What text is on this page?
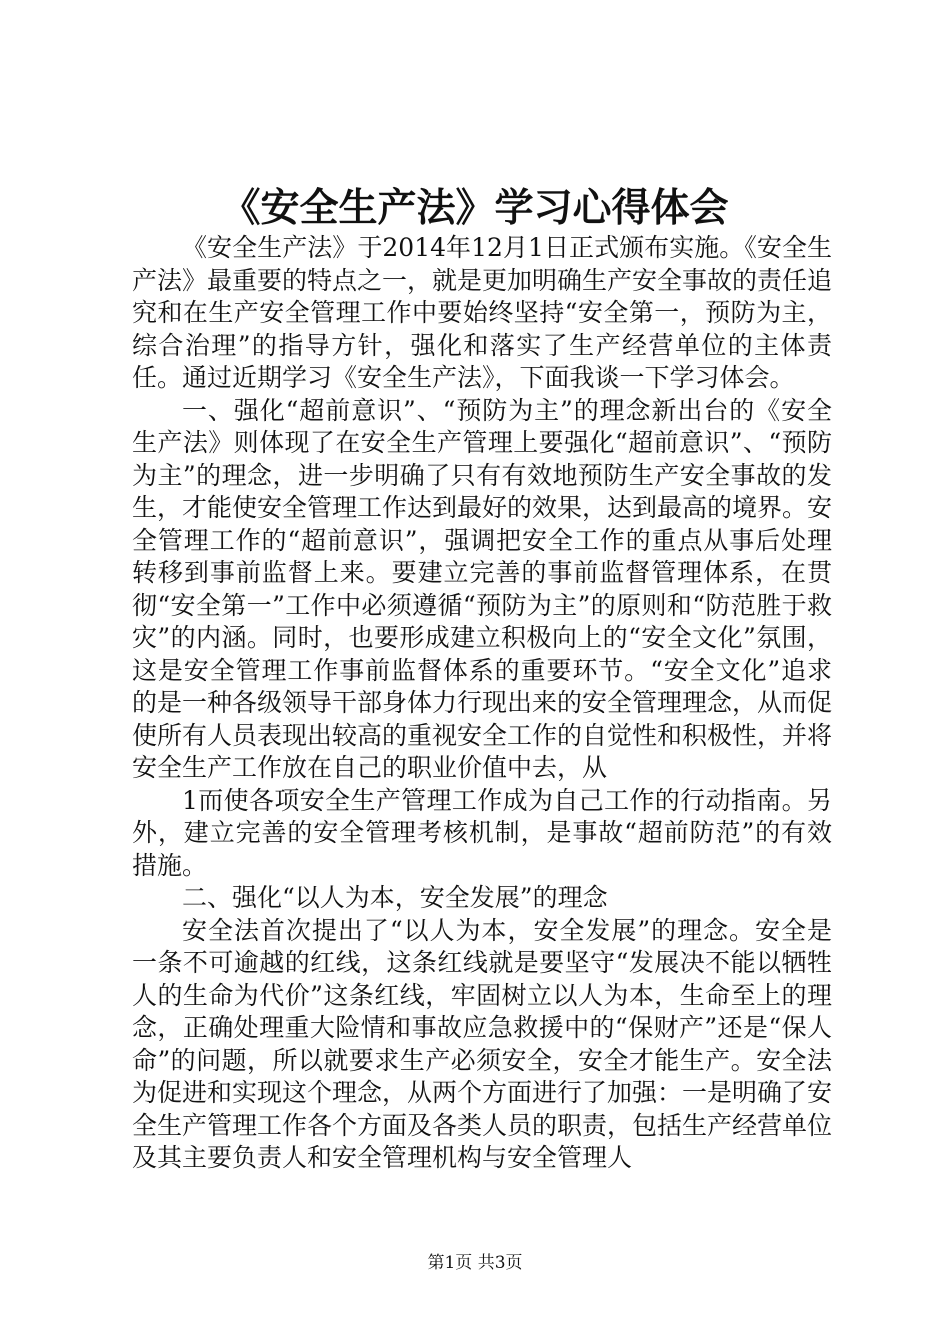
《安全生产法》学习心得体会

《安全生产法》于2014年12月1日正式颁布实施。《安全生产法》最重要的特点之一，就是更加明确生产安全事故的责任追究和在生产安全管理工作中要始终坚持“安全第一，预防为主，综合治理”的指导方针，强化和落实了生产经营单位的主体责任。通过近期学习《安全生产法》，下面我谈一下学习体会。

一、强化“超前意识”、“预防为主”的理念新出台的《安全生产法》则体现了在安全生产管理上要强化“超前意识”、“预防为主”的理念，进一步明确了只有有效地预防生产安全事故的发生，才能使安全管理工作达到最好的效果，达到最高的境界。安全管理工作的“超前意识”，强调把安全工作的重点从事后处理转移到事前监督上来。要建立完善的事前监督管理体系，在贯彻“安全第一”工作中必须遵循“预防为主”的原则和“防范胜于救灾”的内涵。同时，也要形成建立积极向上的“安全文化”氛围，这是安全管理工作事前监督体系的重要环节。“安全文化”追求的是一种各级领导干部身体力行现出来的安全管理理念，从而促使所有人员表现出较高的重视安全工作的自觉性和积极性，并将安全生产工作放在自己的职业价值中去，从

1而使各项安全生产管理工作成为自己工作的行动指南。另外，建立完善的安全管理考核机制，是事故“超前防范”的有效措施。

二、强化“以人为本，安全发展”的理念

安全法首次提出了“以人为本，安全发展”的理念。安全是一条不可逾越的红线，这条红线就是要坚守“发展决不能以牺牲人的生命为代价”这条红线，牢固树立以人为本，生命至上的理念，正确处理重大险情和事故应急救援中的“保财产”还是“保人命”的问题，所以就要求生产必须安全，安全才能生产。安全法为促进和实现这个理念，从两个方面进行了加强：一是明确了安全生产管理工作各个方面及各类人员的职责，包括生产经营单位及其主要负责人和安全管理机构与安全管理人

第1页 共3页
